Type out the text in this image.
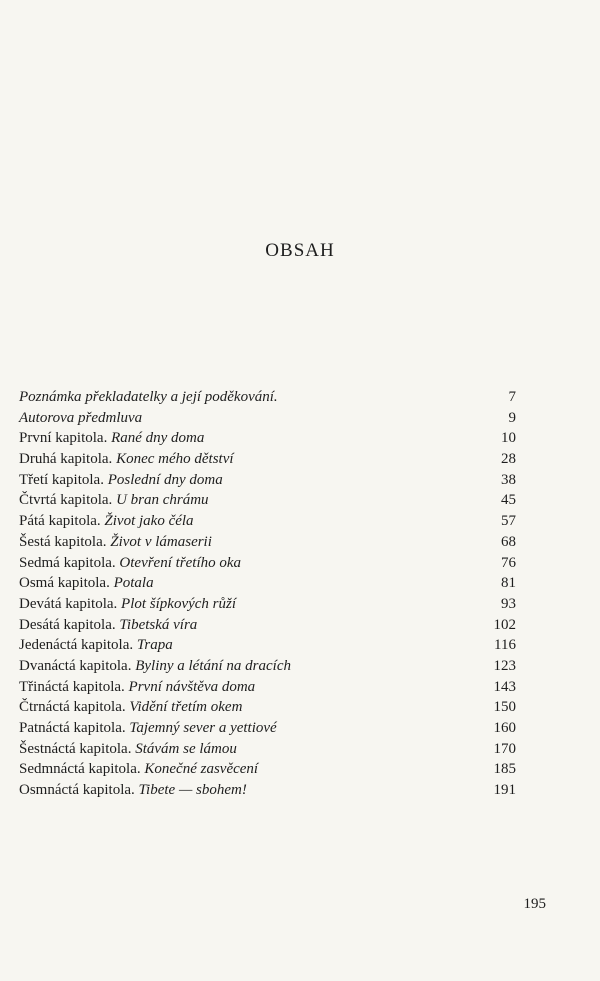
OBSAH
Poznámka překladatelky a její poděkování.	7
Autorova předmluva	9
První kapitola. Rané dny doma	10
Druhá kapitola. Konec mého dětství	28
Třetí kapitola. Poslední dny doma	38
Čtvrtá kapitola. U bran chrámu	45
Pátá kapitola. Život jako čéla	57
Šestá kapitola. Život v lámaserii	68
Sedmá kapitola. Otevření třetího oka	76
Osmá kapitola. Potala	81
Devátá kapitola. Plot šípkových růží	93
Desátá kapitola. Tibetská víra	102
Jedenáctá kapitola. Trapa	116
Dvanáctá kapitola. Byliny a létání na dracích	123
Třináctá kapitola. První návštěva doma	143
Čtrnáctá kapitola. Vidění třetím okem	150
Patnáctá kapitola. Tajemný sever a yettiové	160
Šestnáctá kapitola. Stávám se lámou	170
Sedmnáctá kapitola. Konečné zasvěcení	185
Osmnáctá kapitola. Tibete — sbohem!	191
195
